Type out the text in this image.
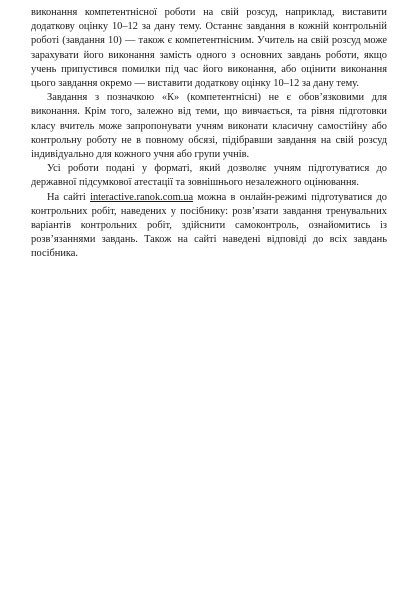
виконання компетентнісної роботи на свій розсуд, наприклад, виставити додаткову оцінку 10–12 за дану тему. Останнє завдання в кожній контрольній роботі (завдання 10) — також є компетентнісним. Учитель на свій розсуд може зарахувати його виконання замість одного з основних завдань роботи, якщо учень припустився помилки під час його виконання, або оцінити виконання цього завдання окремо — виставити додаткову оцінку 10–12 за дану тему.

Завдання з позначкою «К» (компетентнісні) не є обов’язковими для виконання. Крім того, залежно від теми, що вивчається, та рівня підготовки класу вчитель може запропонувати учням виконати класичну самостійну або контрольну роботу не в повному обсязі, підібравши завдання на свій розсуд індивідуально для кожного учня або групи учнів.

Усі роботи подані у форматі, який дозволяє учням підготуватися до державної підсумкової атестації та зовнішнього незалежного оцінювання.

На сайті interactive.ranok.com.ua можна в онлайн-режимі підготуватися до контрольних робіт, наведених у посібнику: розв’язати завдання тренувальних варіантів контрольних робіт, здійснити самоконтроль, ознайомитись із розв’язаннями завдань. Також на сайті наведені відповіді до всіх завдань посібника.
